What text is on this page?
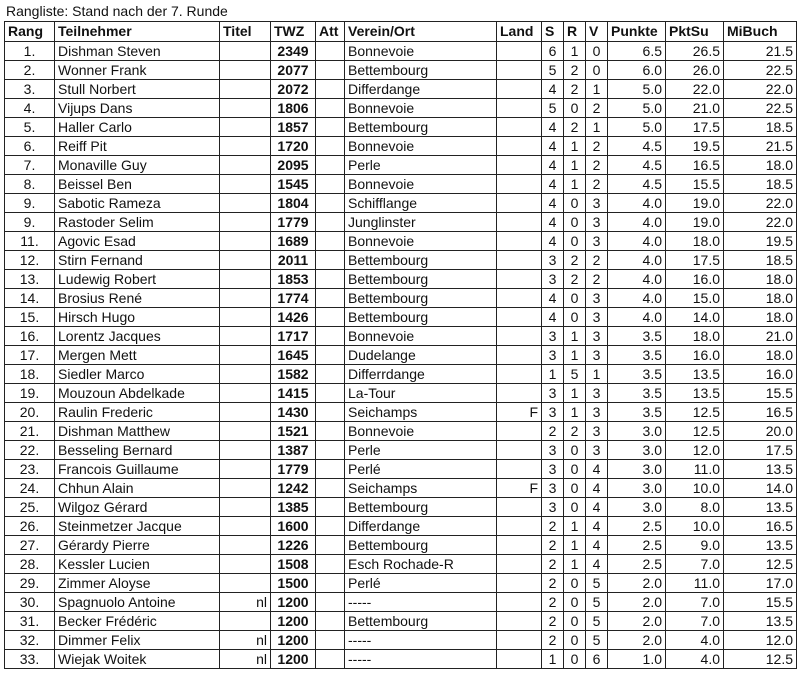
Rangliste: Stand nach der 7. Runde
Rang	Teilnehmer	Titel	TWZ	Att	Verein/Ort	Land	S	R	V	Punkte	PktSu	MiBuch
1.	Dishman Steven		2349		Bonnevoie		6	1	0	6.5	26.5	21.5
2.	Wonner Frank		2077		Bettembourg		5	2	0	6.0	26.0	22.5
3.	Stull Norbert		2072		Differdange		4	2	1	5.0	22.0	22.0
4.	Vijups Dans		1806		Bonnevoie		5	0	2	5.0	21.0	22.5
5.	Haller Carlo		1857		Bettembourg		4	2	1	5.0	17.5	18.5
6.	Reiff Pit		1720		Bonnevoie		4	1	2	4.5	19.5	21.5
7.	Monaville Guy		2095		Perle		4	1	2	4.5	16.5	18.0
8.	Beissel Ben		1545		Bonnevoie		4	1	2	4.5	15.5	18.5
9.	Sabotic Rameza		1804		Schifflange		4	0	3	4.0	19.0	22.0
9.	Rastoder Selim		1779		Junglinster		4	0	3	4.0	19.0	22.0
11.	Agovic Esad		1689		Bonnevoie		4	0	3	4.0	18.0	19.5
12.	Stirn Fernand		2011		Bettembourg		3	2	2	4.0	17.5	18.5
13.	Ludewig Robert		1853		Bettembourg		3	2	2	4.0	16.0	18.0
14.	Brosius René		1774		Bettembourg		4	0	3	4.0	15.0	18.0
15.	Hirsch Hugo		1426		Bettembourg		4	0	3	4.0	14.0	18.0
16.	Lorentz Jacques		1717		Bonnevoie		3	1	3	3.5	18.0	21.0
17.	Mergen Mett		1645		Dudelange		3	1	3	3.5	16.0	18.0
18.	Siedler Marco		1582		Differrdange		1	5	1	3.5	13.5	16.0
19.	Mouzoun Abdelkade		1415		La-Tour		3	1	3	3.5	13.5	15.5
20.	Raulin Frederic		1430		Seichamps	F	3	1	3	3.5	12.5	16.5
21.	Dishman Matthew		1521		Bonnevoie		2	2	3	3.0	12.5	20.0
22.	Besseling Bernard		1387		Perle		3	0	3	3.0	12.0	17.5
23.	Francois Guillaume		1779		Perlé		3	0	4	3.0	11.0	13.5
24.	Chhun Alain		1242		Seichamps	F	3	0	4	3.0	10.0	14.0
25.	Wilgoz Gérard		1385		Bettembourg		3	0	4	3.0	8.0	13.5
26.	Steinmetzer Jacque		1600		Differdange		2	1	4	2.5	10.0	16.5
27.	Gérardy Pierre		1226		Bettembourg		2	1	4	2.5	9.0	13.5
28.	Kessler Lucien		1508		Esch Rochade-R		2	1	4	2.5	7.0	12.5
29.	Zimmer Aloyse		1500		Perlé		2	0	5	2.0	11.0	17.0
30.	Spagnuolo Antoine	nl	1200		-----		2	0	5	2.0	7.0	15.5
31.	Becker Frédéric		1200		Bettembourg		2	0	5	2.0	7.0	13.5
32.	Dimmer Felix	nl	1200		-----		2	0	5	2.0	4.0	12.0
33.	Wiejak Woitek	nl	1200		-----		1	0	6	1.0	4.0	12.5
